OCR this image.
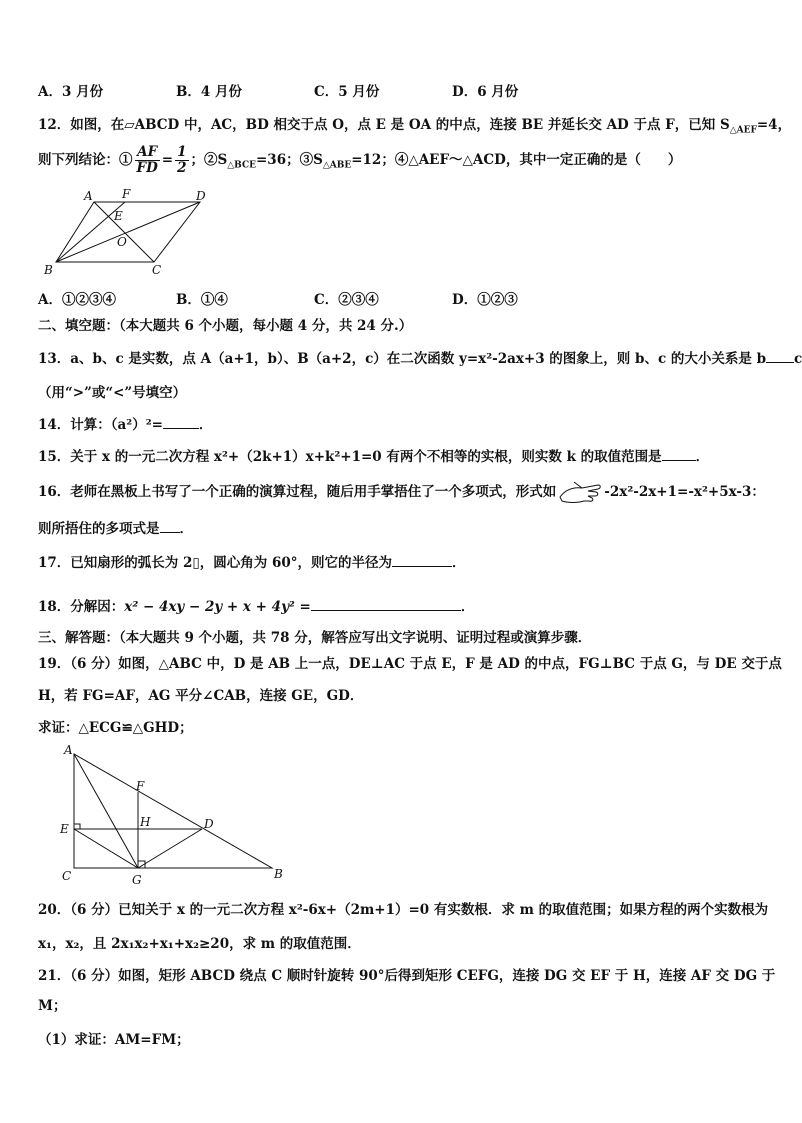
A．3 月份	B．4 月份	C．5 月份	D．6 月份
12．如图，在▱ABCD 中，AC，BD 相交于点 O，点 E 是 OA 的中点，连接 BE 并延长交 AD 于点 F，已知 $S_{\triangle AEF}=4$，
则下列结论：① $\frac{AF}{FD} = \frac{1}{2}$ ；$②S_{\triangle BCE}=36$；$③S_{\triangle ABE}=12$；④△AEF～△ACD，其中一定正确的是（　　）
A F	D
E
O
B	C
A．①②③④	B．①④	C．②③④	D．①②③
二、填空题：（本大题共 6 个小题，每小题 4 分，共 24 分.）
13．a、b、c 是实数，点 A（a+1，b）、B（a+2，c）在二次函数 y=x²-2ax+3 的图象上，则 b、c 的大小关系是 b c
（用“>”或“<”号填空）
14．计算：（a²）²=	．
15．关于 x 的一元二次方程 x²+（2k+1）x+k²+1=0 有两个不相等的实根，则实数 k 的取值范围是	．
16．老师在黑板上书写了一个正确的演算过程，随后用手掌捂住了一个多项式，形式如	-2x²-2x+1=-x²+5x-3：
则所捂住的多项式是 ．
17．已知扇形的弧长为 2▯，圆心角为 60°，则它的半径为	．
18．分解因：x² − 4xy − 2y + x + 4y² =	．
三、解答题：（本大题共 9 个小题，共 78 分，解答应写出文字说明、证明过程或演算步骤．
19．（6 分）如图，△ABC 中，D 是 AB 上一点，DE⊥AC 于点 E，F 是 AD 的中点，FG⊥BC 于点 G，与 DE 交于点
H，若 FG=AF，AG 平分∠CAB，连接 GE，GD．
求证：△ECG≌△GHD；
A
F
H
E	D
C	G	B
20．（6 分）已知关于 x 的一元二次方程 x²-6x+（2m+1）=0 有实数根．求 m 的取值范围；如果方程的两个实数根为
x₁，x₂，且 2x₁x₂+x₁+x₂≥20，求 m 的取值范围．
21．（6 分）如图，矩形 ABCD 绕点 C 顺时针旋转 90°后得到矩形 CEFG，连接 DG 交 EF 于 H，连接 AF 交 DG 于
M；
（1）求证：AM=FM；
